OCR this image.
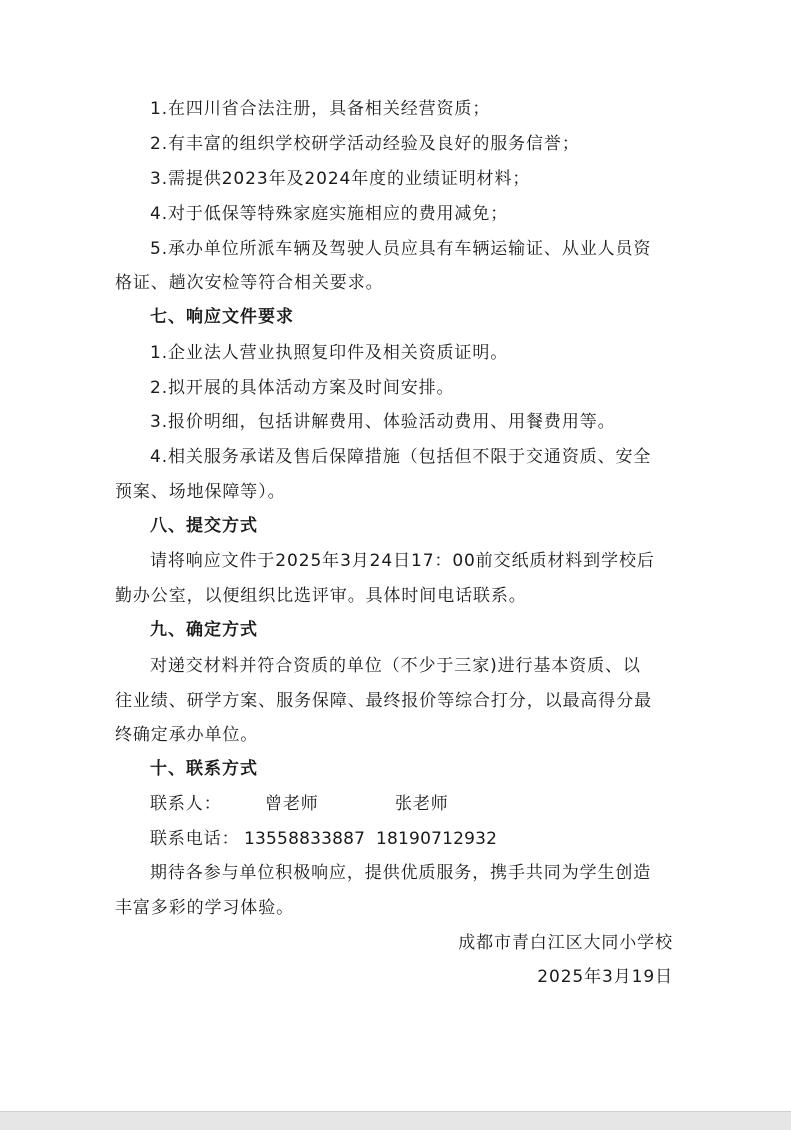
1.在四川省合法注册，具备相关经营资质；
2.有丰富的组织学校研学活动经验及良好的服务信誉；
3.需提供2023年及2024年度的业绩证明材料；
4.对于低保等特殊家庭实施相应的费用减免；
5.承办单位所派车辆及驾驶人员应具有车辆运输证、从业人员资
格证、趟次安检等符合相关要求。
七、响应文件要求
1.企业法人营业执照复印件及相关资质证明。
2.拟开展的具体活动方案及时间安排。
3.报价明细，包括讲解费用、体验活动费用、用餐费用等。
4.相关服务承诺及售后保障措施（包括但不限于交通资质、安全
预案、场地保障等）。
八、提交方式
请将响应文件于2025年3月24日17：00前交纸质材料到学校后
勤办公室，以便组织比选评审。具体时间电话联系。
九、确定方式
对递交材料并符合资质的单位（不少于三家)进行基本资质、以
往业绩、研学方案、服务保障、最终报价等综合打分，以最高得分最
终确定承办单位。
十、联系方式
联系人：	曾老师	张老师
联系电话： 13558833887 18190712932
期待各参与单位积极响应，提供优质服务，携手共同为学生创造
丰富多彩的学习体验。
成都市青白江区大同小学校
2025年3月19日
